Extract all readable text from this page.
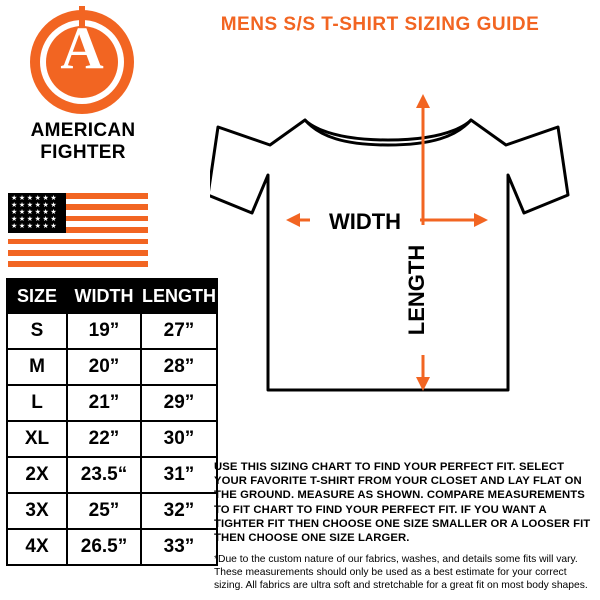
MENS S/S T-SHIRT SIZING GUIDE
A
AMERICAN
FIGHTER
★★★★★★
★★★★★★
★★★★★★
★★★★★★
★★★★★★	WIDTH
LENGTH
SIZE	WIDTH	LENGTH
S	19”	27”
M	20”	28”
L	21”	29”
XL	22”	30”
2X	23.5“	31”
3X	25”	32”
4X	26.5”	33”

USE THIS SIZING CHART TO FIND YOUR PERFECT FIT. SELECT YOUR FAVORITE T-SHIRT FROM YOUR CLOSET AND LAY FLAT ON THE GROUND. MEASURE AS SHOWN. COMPARE MEASUREMENTS TO FIT CHART TO FIND YOUR PERFECT FIT. IF YOU WANT A TIGHTER FIT THEN CHOOSE ONE SIZE SMALLER OR A LOOSER FIT THEN CHOOSE ONE SIZE LARGER.

*Due to the custom nature of our fabrics, washes, and details some fits will vary. These measurements should only be used as a best estimate for your correct sizing. All fabrics are ultra soft and stretchable for a great fit on most body shapes.
